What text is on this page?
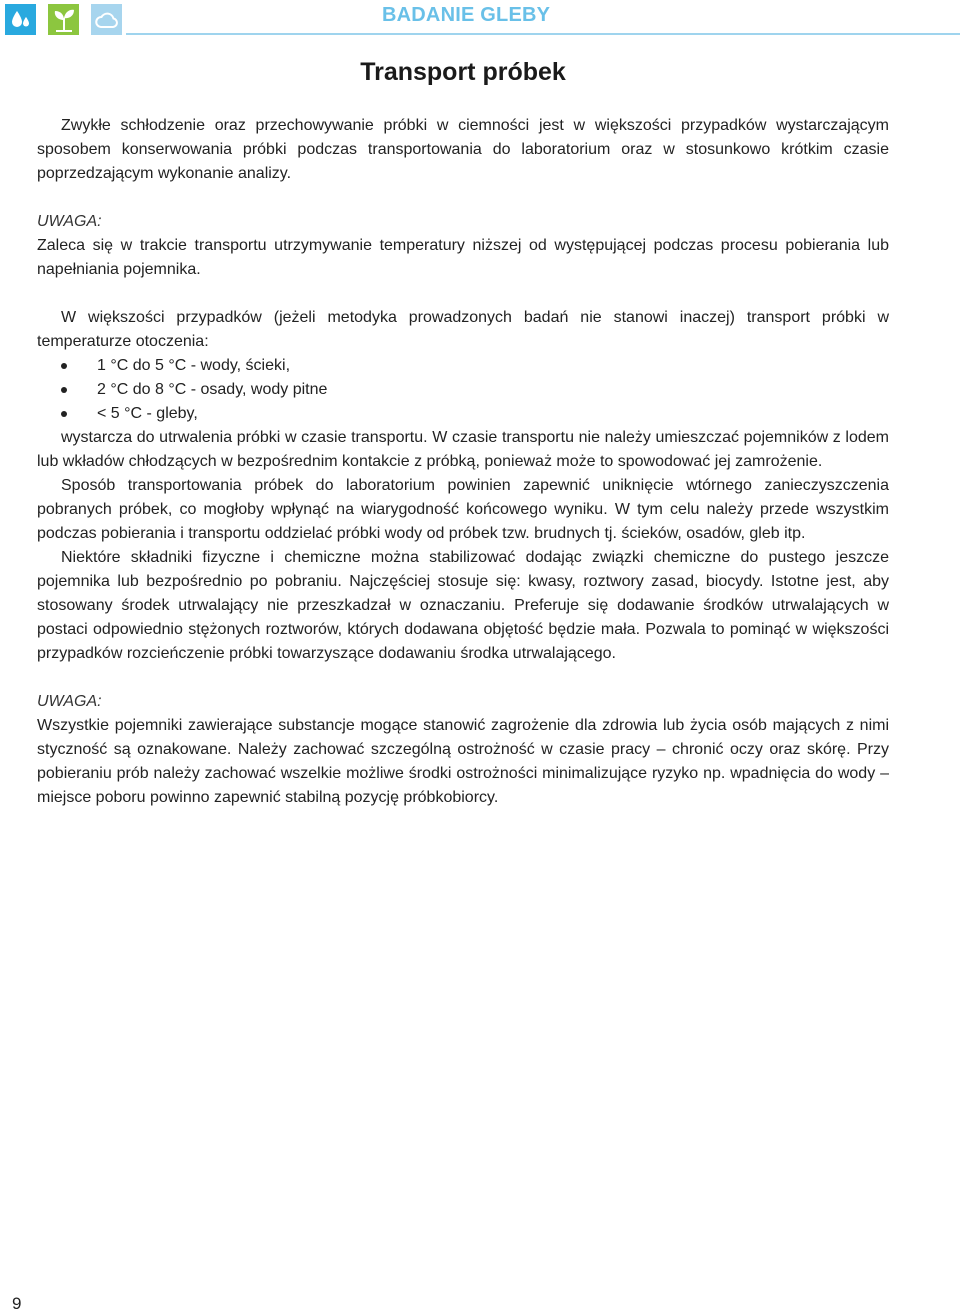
BADANIE GLEBY
Transport próbek

Zwykłe schłodzenie oraz przechowywanie próbki w ciemności jest w większości przypadków wystarczającym sposobem konserwowania próbki podczas transportowania do laboratorium oraz w stosunkowo krótkim czasie poprzedzającym wykonanie analizy.

UWAGA:

Zaleca się w trakcie transportu utrzymywanie temperatury niższej od występującej podczas procesu pobierania lub napełniania pojemnika.

W większości przypadków (jeżeli metodyka prowadzonych badań nie stanowi inaczej) transport próbki w temperaturze otoczenia:

1 °C do 5 °C - wody, ścieki,
2 °C do 8 °C - osady, wody pitne
< 5 °C - gleby,

wystarcza do utrwalenia próbki w czasie transportu. W czasie transportu nie należy umieszczać pojemników z lodem lub wkładów chłodzących w bezpośrednim kontakcie z próbką, ponieważ może to spowodować jej zamrożenie.

Sposób transportowania próbek do laboratorium powinien zapewnić uniknięcie wtórnego zanieczyszczenia pobranych próbek, co mogłoby wpłynąć na wiarygodność końcowego wyniku. W tym celu należy przede wszystkim podczas pobierania i transportu oddzielać próbki wody od próbek tzw. brudnych tj. ścieków, osadów, gleb itp.

Niektóre składniki fizyczne i chemiczne można stabilizować dodając związki chemiczne do pustego jeszcze pojemnika lub bezpośrednio po pobraniu. Najczęściej stosuje się: kwasy, roztwory zasad, biocydy. Istotne jest, aby stosowany środek utrwalający nie przeszkadzał w oznaczaniu. Preferuje się dodawanie środków utrwalających w postaci odpowiednio stężonych roztworów, których dodawana objętość będzie mała. Pozwala to pominąć w większości przypadków rozcieńczenie próbki towarzyszące dodawaniu środka utrwalającego.

UWAGA:

Wszystkie pojemniki zawierające substancje mogące stanowić zagrożenie dla zdrowia lub życia osób mających z nimi styczność są oznakowane. Należy zachować szczególną ostrożność w czasie pracy – chronić oczy oraz skórę. Przy pobieraniu prób należy zachować wszelkie możliwe środki ostrożności minimalizujące ryzyko np. wpadnięcia do wody – miejsce poboru powinno zapewnić stabilną pozycję próbkobiorcy.

9
